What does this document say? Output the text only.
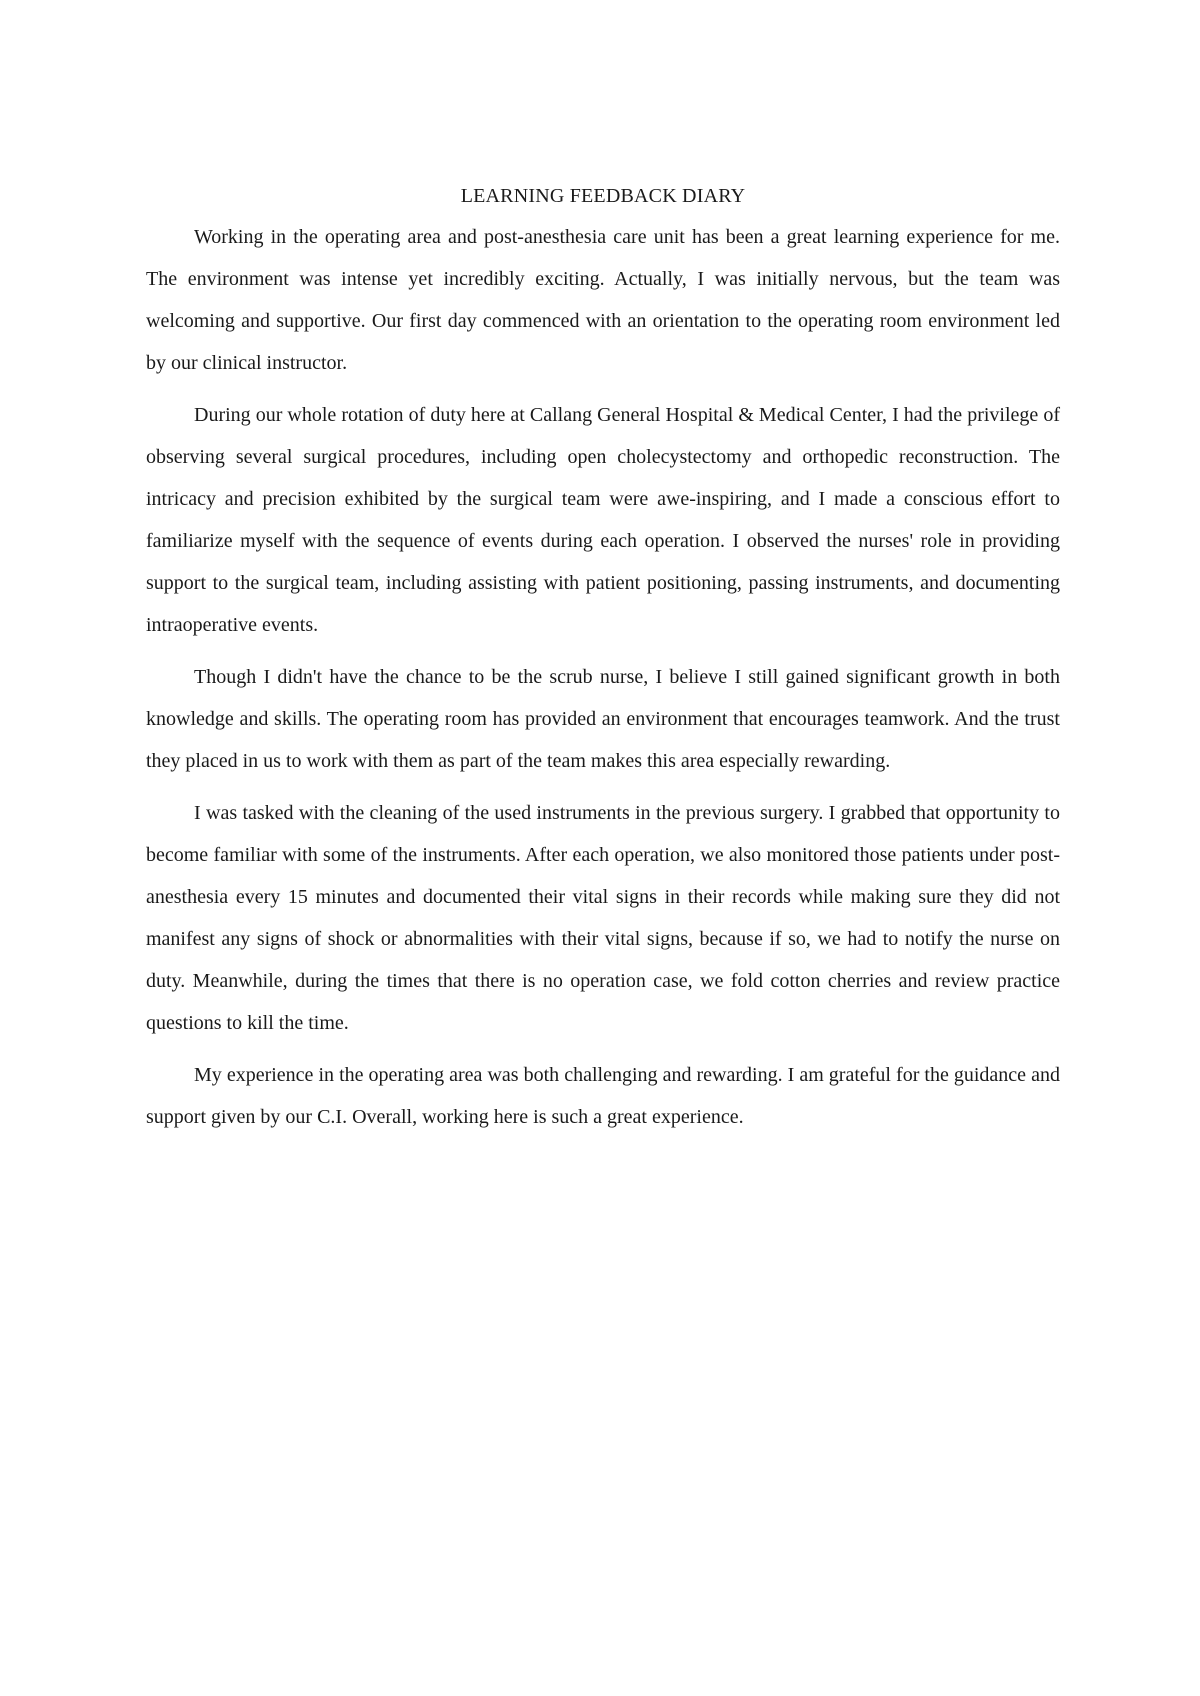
LEARNING FEEDBACK DIARY

Working in the operating area and post-anesthesia care unit has been a great learning experience for me. The environment was intense yet incredibly exciting. Actually, I was initially nervous, but the team was welcoming and supportive. Our first day commenced with an orientation to the operating room environment led by our clinical instructor.

During our whole rotation of duty here at Callang General Hospital & Medical Center, I had the privilege of observing several surgical procedures, including open cholecystectomy and orthopedic reconstruction. The intricacy and precision exhibited by the surgical team were awe-inspiring, and I made a conscious effort to familiarize myself with the sequence of events during each operation. I observed the nurses' role in providing support to the surgical team, including assisting with patient positioning, passing instruments, and documenting intraoperative events.

Though I didn't have the chance to be the scrub nurse, I believe I still gained significant growth in both knowledge and skills. The operating room has provided an environment that encourages teamwork. And the trust they placed in us to work with them as part of the team makes this area especially rewarding.

I was tasked with the cleaning of the used instruments in the previous surgery. I grabbed that opportunity to become familiar with some of the instruments. After each operation, we also monitored those patients under post-anesthesia every 15 minutes and documented their vital signs in their records while making sure they did not manifest any signs of shock or abnormalities with their vital signs, because if so, we had to notify the nurse on duty. Meanwhile, during the times that there is no operation case, we fold cotton cherries and review practice questions to kill the time.

My experience in the operating area was both challenging and rewarding. I am grateful for the guidance and support given by our C.I. Overall, working here is such a great experience.
